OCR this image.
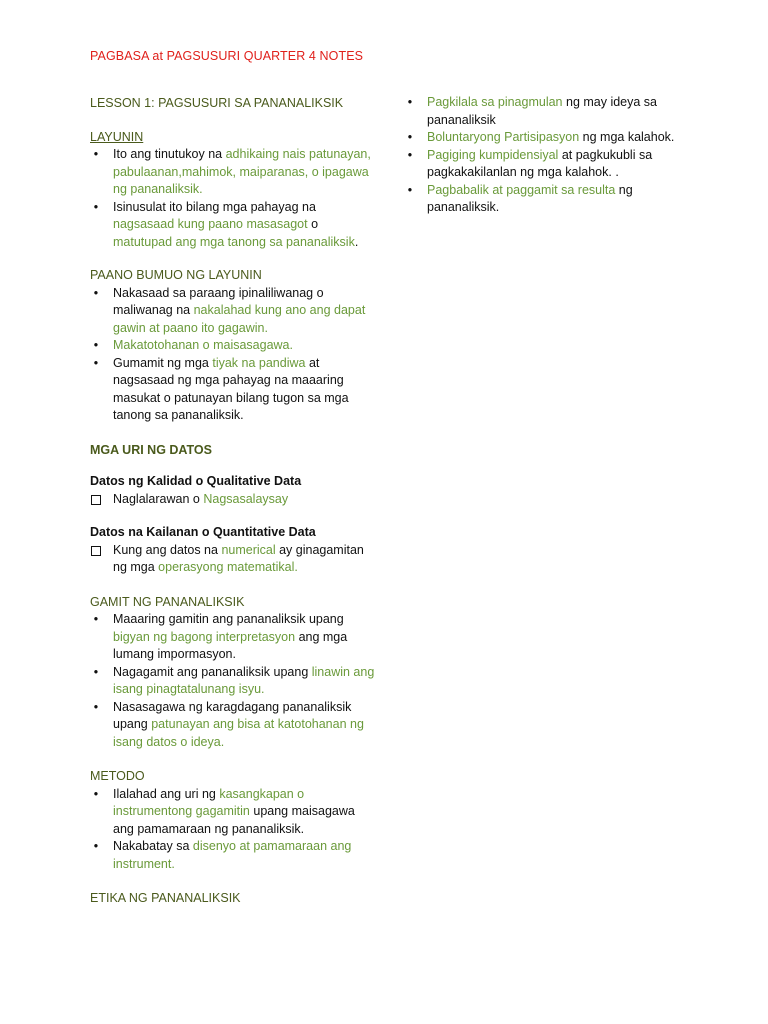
PAGBASA at PAGSUSURI QUARTER 4 NOTES
LESSON 1: PAGSUSURI SA PANANALIKSIK
LAYUNIN
•	Ito ang tinutukoy na adhikaing nais patunayan, pabulaanan,mahimok, maiparanas, o ipagawa ng pananaliksik.
•	Isinusulat ito bilang mga pahayag na nagsasaad kung paano masasagot o matutupad ang mga tanong sa pananaliksik.
PAANO BUMUO NG LAYUNIN
•	Nakasaad sa paraang ipinaliliwanag o maliwanag na nakalahad kung ano ang dapat gawin at paano ito gagawin.
•	Makatotohanan o maisasagawa.
•	Gumamit ng mga tiyak na pandiwa at nagsasaad ng mga pahayag na maaaring masukat o patunayan bilang tugon sa mga tanong sa pananaliksik.
MGA URI NG DATOS
Datos ng Kalidad o Qualitative Data
Naglalarawan o Nagsasalaysay
Datos na Kailanan o Quantitative Data
Kung ang datos na numerical ay ginagamitan ng mga operasyong matematikal.
GAMIT NG PANANALIKSIK
•	Maaaring gamitin ang pananaliksik upang bigyan ng bagong interpretasyon ang mga lumang impormasyon.
•	Nagagamit ang pananaliksik upang linawin ang isang pinagtatalunang isyu.
•	Nasasagawa ng karagdagang pananaliksik upang patunayan ang bisa at katotohanan ng isang datos o ideya.
METODO
•	Ilalahad ang uri ng kasangkapan o instrumentong gagamitin upang maisagawa ang pamamaraan ng pananaliksik.
•	Nakabatay sa disenyo at pamamaraan ang instrument.
ETIKA NG PANANALIKSIK
•	Pagkilala sa pinagmulan ng may ideya sa pananaliksik
•	Boluntaryong Partisipasyon ng mga kalahok.
•	Pagiging kumpidensiyal at pagkukubli sa pagkakakilanlan ng mga kalahok. .
•	Pagbabalik at paggamit sa resulta ng pananaliksik.
